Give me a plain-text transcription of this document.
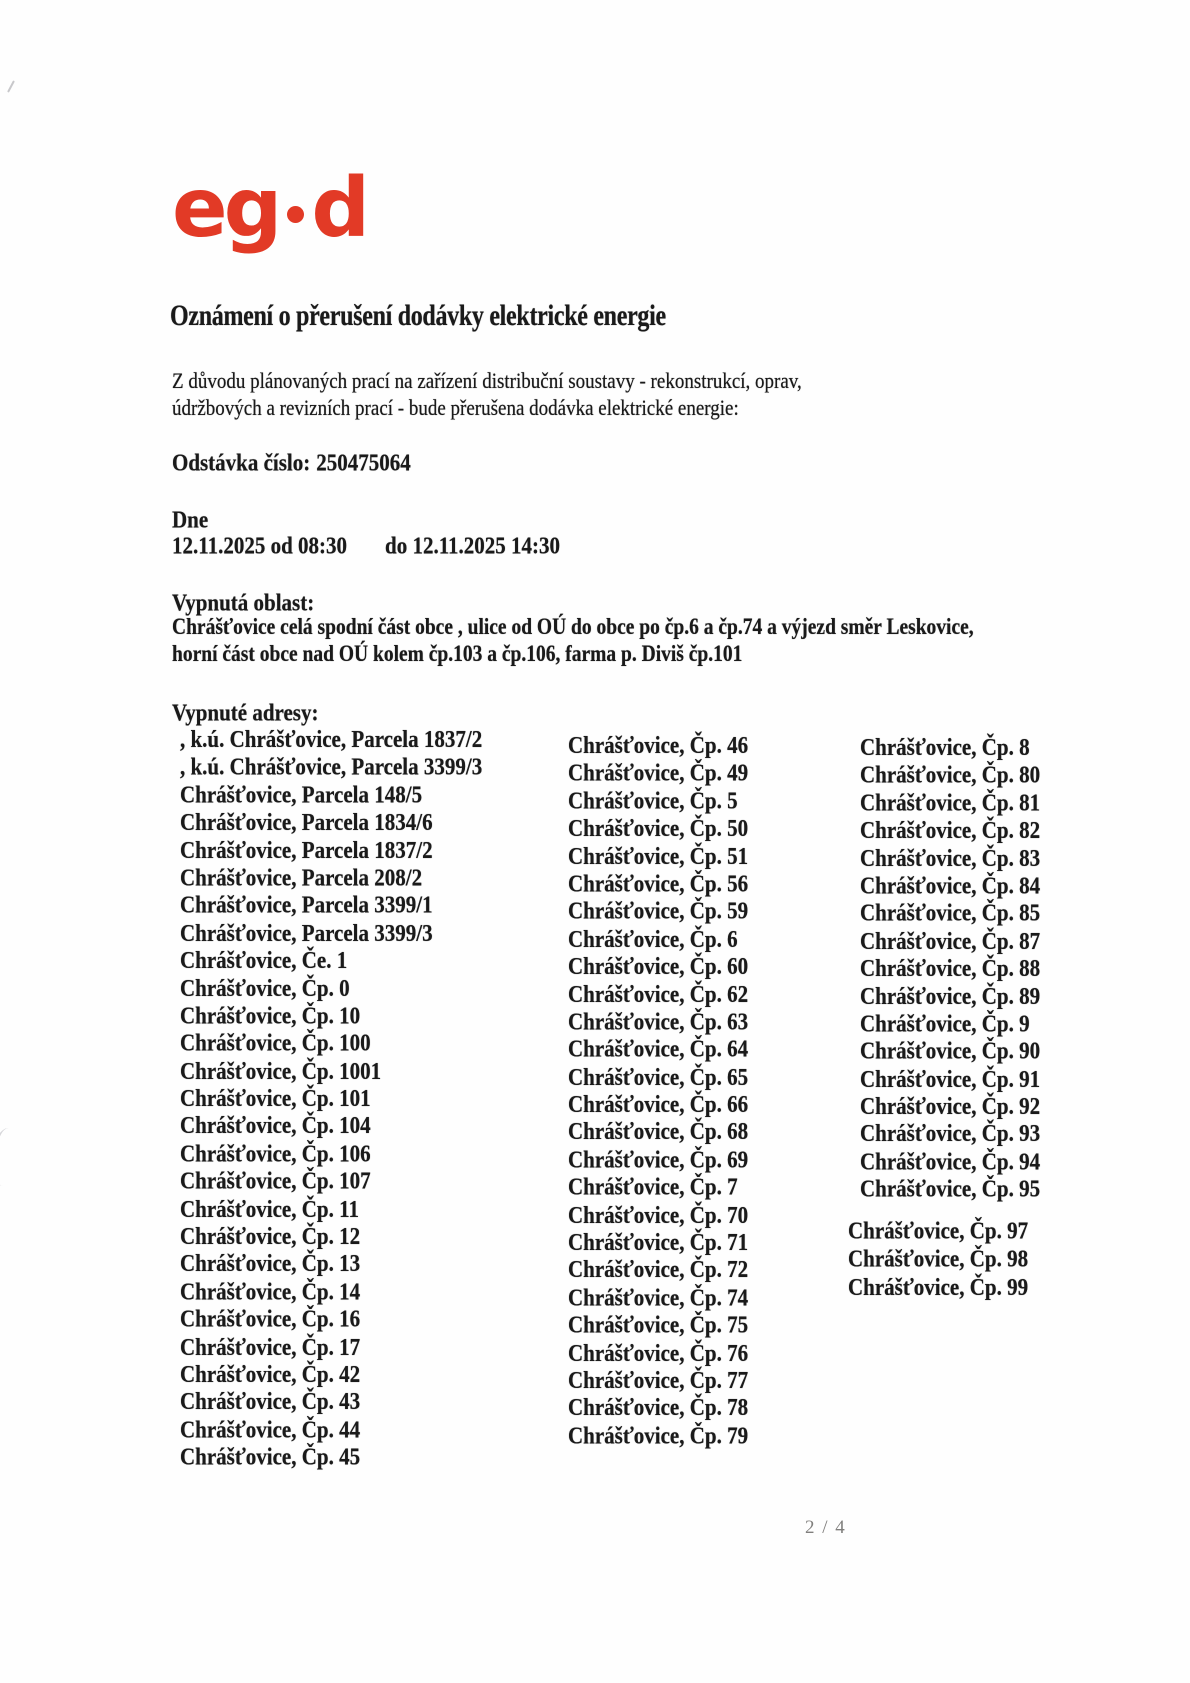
eg d
Oznámení o přerušení dodávky elektrické energie
Z důvodu plánovaných prací na zařízení distribuční soustavy - rekonstrukcí, oprav,
údržbových a revizních prací - bude přerušena dodávka elektrické energie:
Odstávka číslo: 250475064
Dne
12.11.2025 od 08:30 do 12.11.2025 14:30
Vypnutá oblast:
Chrášťovice celá spodní část obce , ulice od OÚ do obce po čp.6 a čp.74 a výjezd směr Leskovice,
horní část obce nad OÚ kolem čp.103 a čp.106, farma p. Diviš čp.101
Vypnuté adresy:
, k.ú. Chrášťovice, Parcela 1837/2
, k.ú. Chrášťovice, Parcela 3399/3
Chrášťovice, Parcela 148/5
Chrášťovice, Parcela 1834/6
Chrášťovice, Parcela 1837/2
Chrášťovice, Parcela 208/2
Chrášťovice, Parcela 3399/1
Chrášťovice, Parcela 3399/3
Chrášťovice, Če. 1
Chrášťovice, Čp. 0
Chrášťovice, Čp. 10
Chrášťovice, Čp. 100
Chrášťovice, Čp. 1001
Chrášťovice, Čp. 101
Chrášťovice, Čp. 104
Chrášťovice, Čp. 106
Chrášťovice, Čp. 107
Chrášťovice, Čp. 11
Chrášťovice, Čp. 12
Chrášťovice, Čp. 13
Chrášťovice, Čp. 14
Chrášťovice, Čp. 16
Chrášťovice, Čp. 17
Chrášťovice, Čp. 42
Chrášťovice, Čp. 43
Chrášťovice, Čp. 44
Chrášťovice, Čp. 45
Chrášťovice, Čp. 46
Chrášťovice, Čp. 49
Chrášťovice, Čp. 5
Chrášťovice, Čp. 50
Chrášťovice, Čp. 51
Chrášťovice, Čp. 56
Chrášťovice, Čp. 59
Chrášťovice, Čp. 6
Chrášťovice, Čp. 60
Chrášťovice, Čp. 62
Chrášťovice, Čp. 63
Chrášťovice, Čp. 64
Chrášťovice, Čp. 65
Chrášťovice, Čp. 66
Chrášťovice, Čp. 68
Chrášťovice, Čp. 69
Chrášťovice, Čp. 7
Chrášťovice, Čp. 70
Chrášťovice, Čp. 71
Chrášťovice, Čp. 72
Chrášťovice, Čp. 74
Chrášťovice, Čp. 75
Chrášťovice, Čp. 76
Chrášťovice, Čp. 77
Chrášťovice, Čp. 78
Chrášťovice, Čp. 79
Chrášťovice, Čp. 8
Chrášťovice, Čp. 80
Chrášťovice, Čp. 81
Chrášťovice, Čp. 82
Chrášťovice, Čp. 83
Chrášťovice, Čp. 84
Chrášťovice, Čp. 85
Chrášťovice, Čp. 87
Chrášťovice, Čp. 88
Chrášťovice, Čp. 89
Chrášťovice, Čp. 9
Chrášťovice, Čp. 90
Chrášťovice, Čp. 91
Chrášťovice, Čp. 92
Chrášťovice, Čp. 93
Chrášťovice, Čp. 94
Chrášťovice, Čp. 95
Chrášťovice, Čp. 97
Chrášťovice, Čp. 98
Chrášťovice, Čp. 99
2 / 4
